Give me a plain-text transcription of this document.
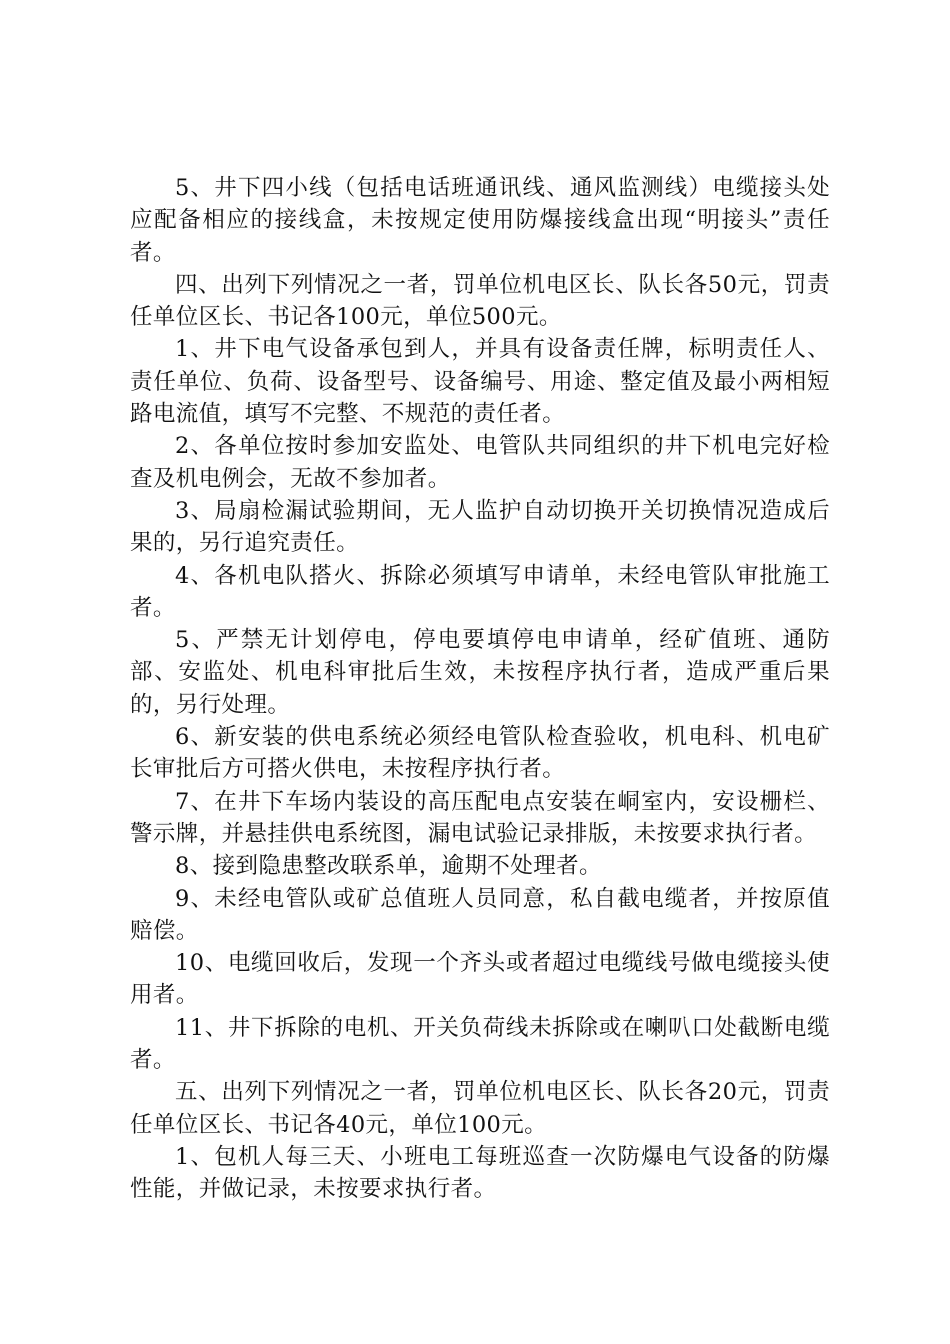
5、井下四小线（包括电话班通讯线、通风监测线）电缆接头处应配备相应的接线盒，未按规定使用防爆接线盒出现“明接头”责任者。

四、出列下列情况之一者，罚单位机电区长、队长各50元，罚责任单位区长、书记各100元，单位500元。

1、井下电气设备承包到人，并具有设备责任牌，标明责任人、责任单位、负荷、设备型号、设备编号、用途、整定值及最小两相短路电流值，填写不完整、不规范的责任者。

2、各单位按时参加安监处、电管队共同组织的井下机电完好检查及机电例会，无故不参加者。

3、局扇检漏试验期间，无人监护自动切换开关切换情况造成后果的，另行追究责任。

4、各机电队搭火、拆除必须填写申请单，未经电管队审批施工者。

5、严禁无计划停电，停电要填停电申请单，经矿值班、通防部、安监处、机电科审批后生效，未按程序执行者，造成严重后果的，另行处理。

6、新安装的供电系统必须经电管队检查验收，机电科、机电矿长审批后方可搭火供电，未按程序执行者。

7、在井下车场内装设的高压配电点安装在峒室内，安设栅栏、警示牌，并悬挂供电系统图，漏电试验记录排版，未按要求执行者。

8、接到隐患整改联系单，逾期不处理者。

9、未经电管队或矿总值班人员同意，私自截电缆者，并按原值赔偿。

10、电缆回收后，发现一个齐头或者超过电缆线号做电缆接头使用者。

11、井下拆除的电机、开关负荷线未拆除或在喇叭口处截断电缆者。

五、出列下列情况之一者，罚单位机电区长、队长各20元，罚责任单位区长、书记各40元，单位100元。

1、包机人每三天、小班电工每班巡查一次防爆电气设备的防爆性能，并做记录，未按要求执行者。
